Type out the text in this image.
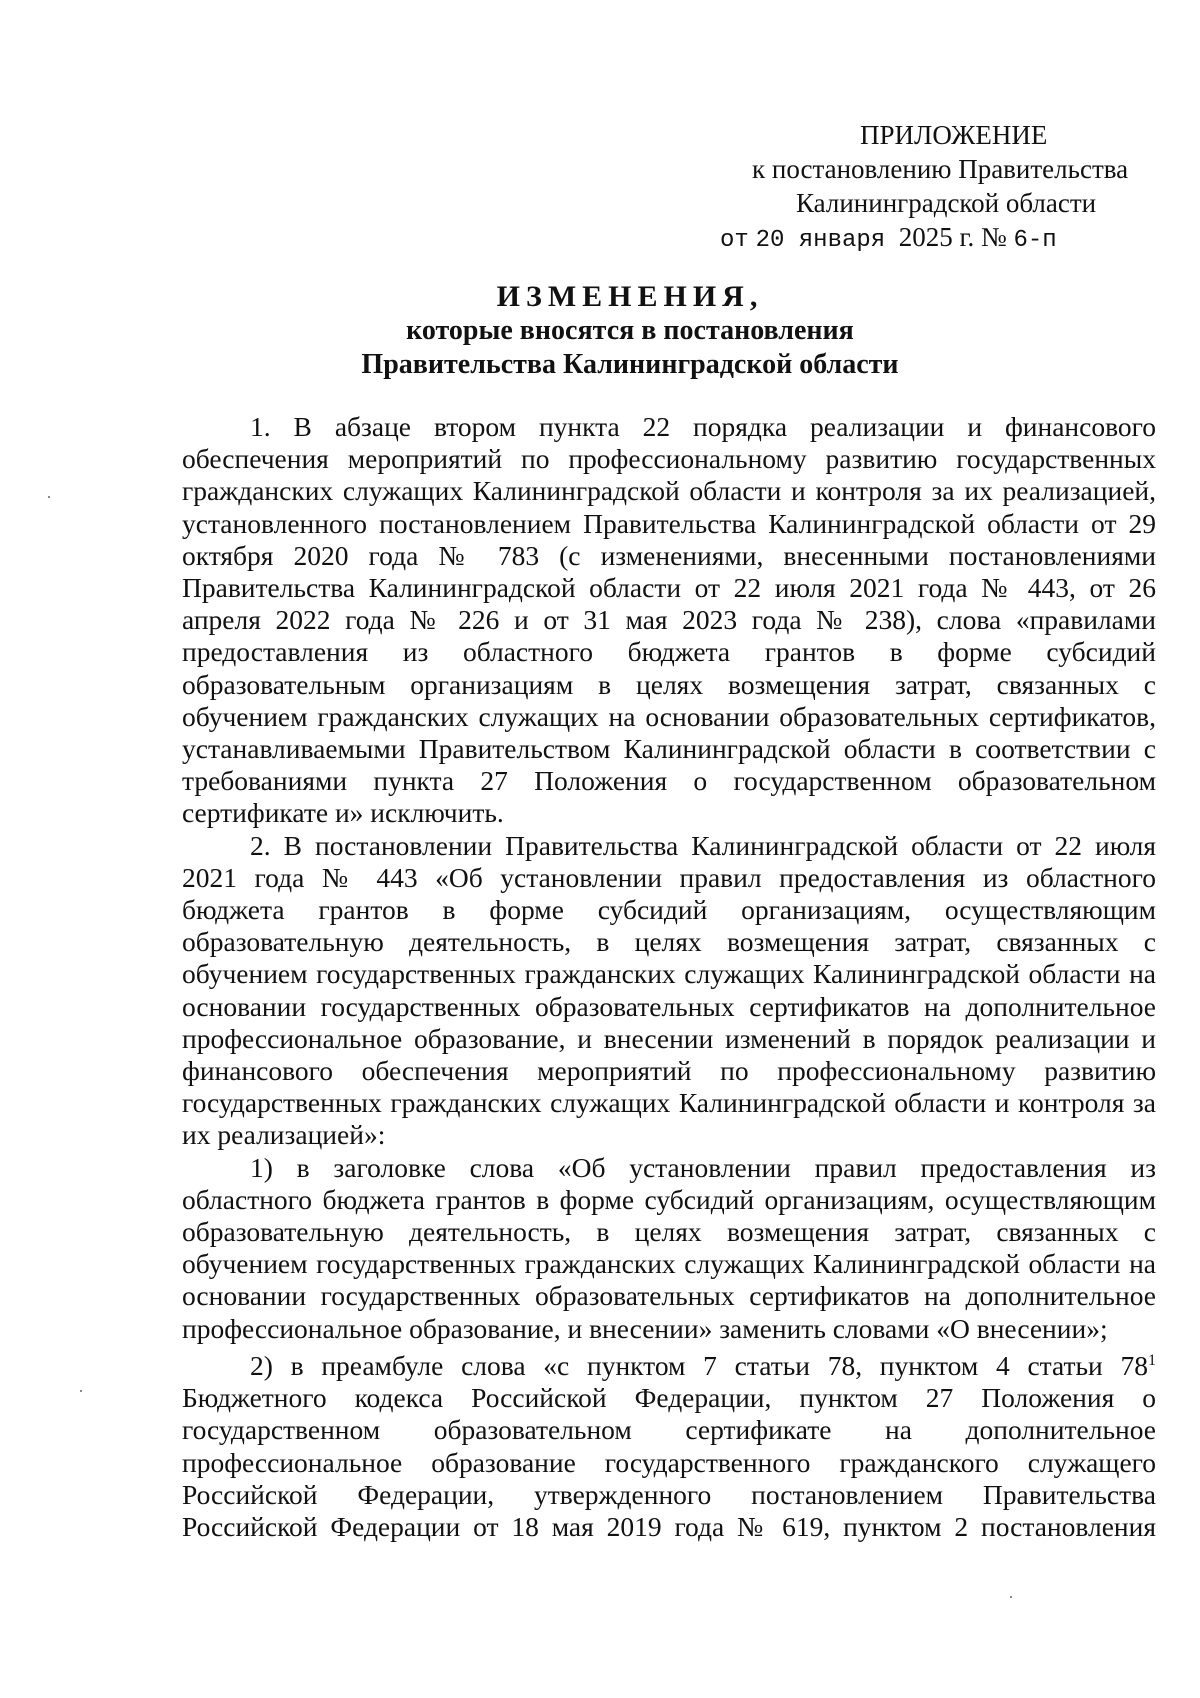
ПРИЛОЖЕНИЕ
к постановлению Правительства
Калининградской области
от 20 января 2025 г. № 6-п
ИЗМЕНЕНИЯ,
которые вносятся в постановления
Правительства Калининградской области

1. В абзаце втором пункта 22 порядка реализации и финансового обеспечения мероприятий по профессиональному развитию государственных гражданских служащих Калининградской области и контроля за их реализацией, установленного постановлением Правительства Калининградской области от 29 октября 2020 года № 783 (с изменениями, внесенными постановлениями Правительства Калининградской области от 22 июля 2021 года № 443, от 26 апреля 2022 года № 226 и от 31 мая 2023 года № 238), слова «правилами предоставления из областного бюджета грантов в форме субсидий образовательным организациям в целях возмещения затрат, связанных с обучением гражданских служащих на основании образовательных сертификатов, устанавливаемыми Правительством Калининградской области в соответствии с требованиями пункта 27 Положения о государственном образовательном сертификате и» исключить.

2. В постановлении Правительства Калининградской области от 22 июля 2021 года № 443 «Об установлении правил предоставления из областного бюджета грантов в форме субсидий организациям, осуществляющим образовательную деятельность, в целях возмещения затрат, связанных с обучением государственных гражданских служащих Калининградской области на основании государственных образовательных сертификатов на дополнительное профессиональное образование, и внесении изменений в порядок реализации и финансового обеспечения мероприятий по профессиональному развитию государственных гражданских служащих Калининградской области и контроля за их реализацией»:

1) в заголовке слова «Об установлении правил предоставления из областного бюджета грантов в форме субсидий организациям, осуществляющим образовательную деятельность, в целях возмещения затрат, связанных с обучением государственных гражданских служащих Калининградской области на основании государственных образовательных сертификатов на дополнительное профессиональное образование, и внесении» заменить словами «О внесении»;

2) в преамбуле слова «с пунктом 7 статьи 78, пунктом 4 статьи $78^1$ Бюджетного кодекса Российской Федерации, пунктом 27 Положения о государственном образовательном сертификате на дополнительное профессиональное образование государственного гражданского служащего Российской Федерации, утвержденного постановлением Правительства Российской Федерации от 18 мая 2019 года № 619, пунктом 2 постановления
